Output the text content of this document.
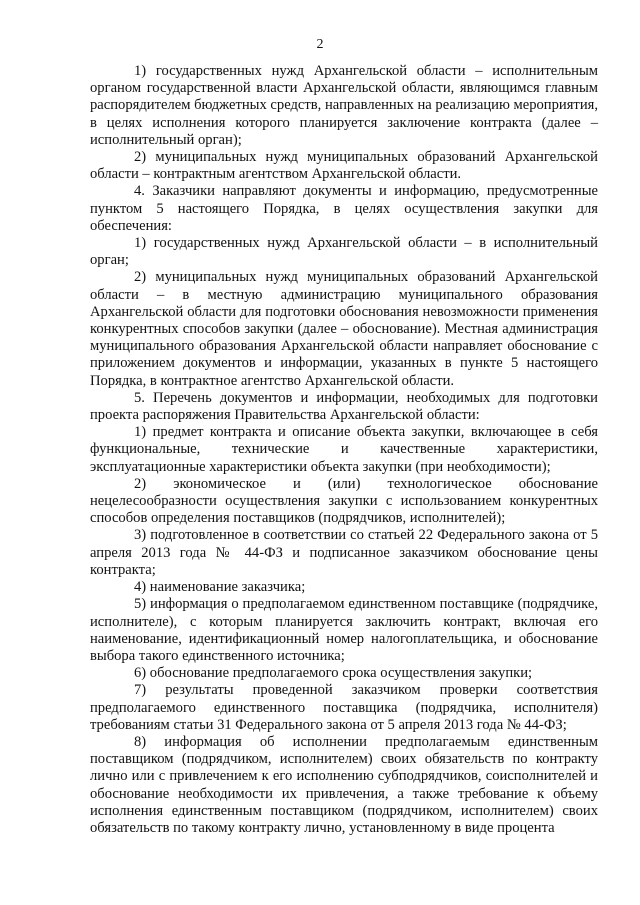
2

1) государственных нужд Архангельской области – исполнительным органом государственной власти Архангельской области, являющимся главным распорядителем бюджетных средств, направленных на реализацию мероприятия, в целях исполнения которого планируется заключение контракта (далее – исполнительный орган);

2) муниципальных нужд муниципальных образований Архангельской области – контрактным агентством Архангельской области.

4. Заказчики направляют документы и информацию, предусмотренные пунктом 5 настоящего Порядка, в целях осуществления закупки для обеспечения:

1) государственных нужд Архангельской области – в исполнительный орган;

2) муниципальных нужд муниципальных образований Архангельской области – в местную администрацию муниципального образования Архангельской области для подготовки обоснования невозможности применения конкурентных способов закупки (далее – обоснование). Местная администрация муниципального образования Архангельской области направляет обоснование с приложением документов и информации, указанных в пункте 5 настоящего Порядка, в контрактное агентство Архангельской области.

5. Перечень документов и информации, необходимых для подготовки проекта распоряжения Правительства Архангельской области:

1) предмет контракта и описание объекта закупки, включающее в себя функциональные, технические и качественные характеристики, эксплуатационные характеристики объекта закупки (при необходимости);

2) экономическое и (или) технологическое обоснование нецелесообразности осуществления закупки с использованием конкурентных способов определения поставщиков (подрядчиков, исполнителей);

3) подготовленное в соответствии со статьей 22 Федерального закона от 5 апреля 2013 года № 44-ФЗ и подписанное заказчиком обоснование цены контракта;

4) наименование заказчика;

5) информация о предполагаемом единственном поставщике (подрядчике, исполнителе), с которым планируется заключить контракт, включая его наименование, идентификационный номер налогоплательщика, и обоснование выбора такого единственного источника;

6) обоснование предполагаемого срока осуществления закупки;

7) результаты проведенной заказчиком проверки соответствия предполагаемого единственного поставщика (подрядчика, исполнителя) требованиям статьи 31 Федерального закона от 5 апреля 2013 года № 44-ФЗ;

8) информация об исполнении предполагаемым единственным поставщиком (подрядчиком, исполнителем) своих обязательств по контракту лично или с привлечением к его исполнению субподрядчиков, соисполнителей и обоснование необходимости их привлечения, а также требование к объему исполнения единственным поставщиком (подрядчиком, исполнителем) своих обязательств по такому контракту лично, установленному в виде процента
